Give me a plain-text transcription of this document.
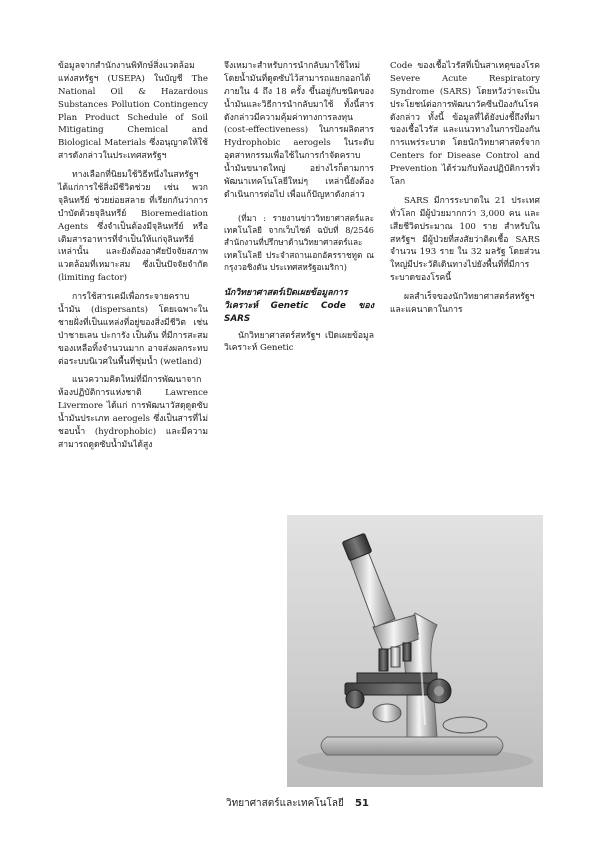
ข้อมูลจากสำนักงานพิทักษ์สิ่งแวดล้อมแห่งสหรัฐฯ (USEPA) ในบัญชี The National Oil & Hazardous Substances Pollution Contingency Plan Product Schedule of Soil Mitigating Chemical and Biological Materials ซึ่งอนุญาตให้ใช้สารดังกล่าวในประเทศสหรัฐฯ

ทางเลือกที่นิยมใช้วิธีหนึ่งในสหรัฐฯ ได้แก่การใช้สิ่งมีชีวิตช่วย เช่น พวกจุลินทรีย์ ช่วยย่อยสลาย ที่เรียกกันว่าการบำบัดด้วยจุลินทรีย์ Bioremediation Agents ซึ่งจำเป็นต้องมีจุลินทรีย์ หรือเติมสารอาหารที่จำเป็นให้แก่จุลินทรีย์เหล่านั้น และยังต้องอาศัยปัจจัยสภาพแวดล้อมที่เหมาะสม ซึ่งเป็นปัจจัยจำกัด (limiting factor)

การใช้สารเคมีเพื่อกระจายคราบน้ำมัน (dispersants) โดยเฉพาะในชายฝั่งที่เป็นแหล่งที่อยู่ของสิ่งมีชีวิต เช่น ป่าชายเลน ปะการัง เป็นต้น ที่มีการสะสมของเหลือทิ้งจำนวนมาก อาจส่งผลกระทบต่อระบบนิเวศในพื้นที่ชุ่มน้ำ (wetland)

แนวความคิดใหม่ที่มีการพัฒนาจากห้องปฏิบัติการแห่งชาติ Lawrence Livermore ได้แก่ การพัฒนาวัสดุดูดซับน้ำมันประเภท aerogels ซึ่งเป็นสารที่ไม่ชอบน้ำ (hydrophobic) และมีความสามารถดูดซับน้ำมันได้สูง

จึงเหมาะสำหรับการนำกลับมาใช้ใหม่ โดยน้ำมันที่ดูดซับไว้สามารถแยกออกได้ภายใน 4 ถึง 18 ครั้ง ขึ้นอยู่กับชนิดของน้ำมันและวิธีการนำกลับมาใช้ ทั้งนี้สารดังกล่าวมีความคุ้มค่าทางการลงทุน (cost-effectiveness) ในการผลิตสาร Hydrophobic aerogels ในระดับอุตสาหกรรมเพื่อใช้ในการกำจัดคราบน้ำมันขนาดใหญ่ อย่างไรก็ตามการพัฒนาเทคโนโลยีใหม่ๆ เหล่านี้ยังต้องดำเนินการต่อไป เพื่อแก้ปัญหาดังกล่าว

(ที่มา : รายงานข่าววิทยาศาสตร์และเทคโนโลยี จากเว็บไซต์ ฉบับที่ 8/2546 สำนักงานที่ปรึกษาด้านวิทยาศาสตร์และเทคโนโลยี ประจำสถานเอกอัครราชทูต ณ กรุงวอชิงตัน ประเทศสหรัฐอเมริกา)

นักวิทยาศาสตร์เปิดเผยข้อมูลการวิเคราะห์ Genetic Code ของ SARS

นักวิทยาศาสตร์สหรัฐฯ เปิดเผยข้อมูลวิเคราะห์ Genetic

Code ของเชื้อไวรัสที่เป็นสาเหตุของโรค Severe Acute Respiratory Syndrome (SARS) โดยหวังว่าจะเป็นประโยชน์ต่อการพัฒนาวัคซีนป้องกันโรคดังกล่าว ทั้งนี้ ข้อมูลที่ได้ยังบ่งชี้ถึงที่มาของเชื้อไวรัส และแนวทางในการป้องกันการแพร่ระบาด โดยนักวิทยาศาสตร์จาก Centers for Disease Control and Prevention ได้ร่วมกับห้องปฏิบัติการทั่วโลก

SARS มีการระบาดใน 21 ประเทศทั่วโลก มีผู้ป่วยมากกว่า 3,000 คน และเสียชีวิตประมาณ 100 ราย สำหรับในสหรัฐฯ มีผู้ป่วยที่สงสัยว่าติดเชื้อ SARS จำนวน 193 ราย ใน 32 มลรัฐ โดยส่วนใหญ่มีประวัติเดินทางไปยังพื้นที่ที่มีการระบาดของโรคนี้

ผลสำเร็จของนักวิทยาศาสตร์สหรัฐฯ และแคนาดาในการ

วิทยาศาสตร์และเทคโนโลยี 51
